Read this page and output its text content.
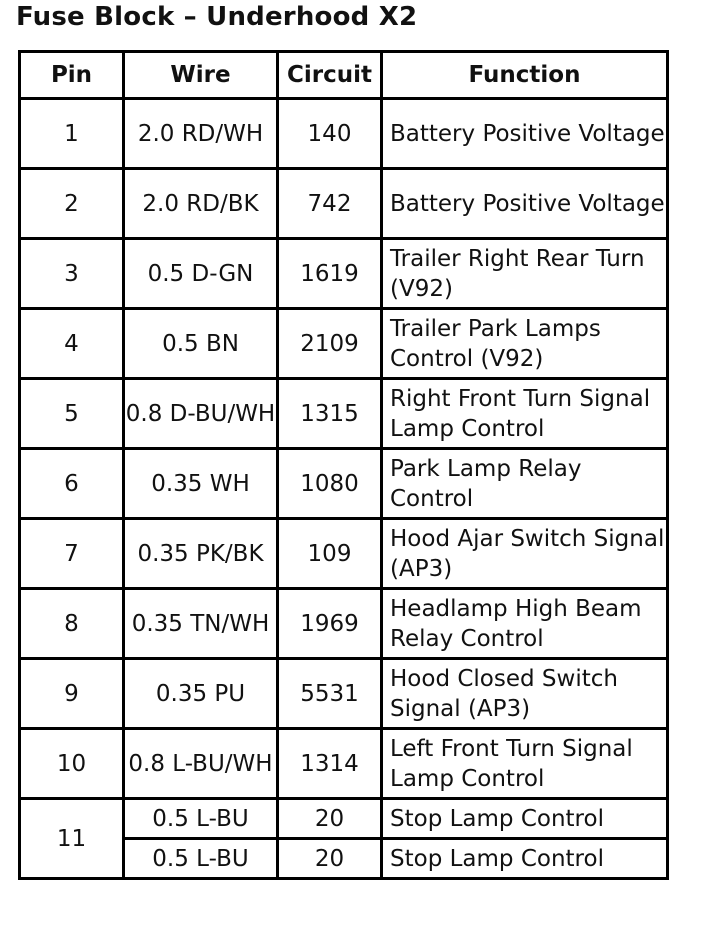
Fuse Block – Underhood X2
Pin	Wire	Circuit	Function
1	2.0 RD/WH	140	Battery Positive Voltage
2	2.0 RD/BK	742	Battery Positive Voltage
3	0.5 D-GN	1619	Trailer Right Rear Turn (V92)
4	0.5 BN	2109	Trailer Park Lamps Control (V92)
5	0.8 D-BU/WH	1315	Right Front Turn Signal Lamp Control
6	0.35 WH	1080	Park Lamp Relay Control
7	0.35 PK/BK	109	Hood Ajar Switch Signal (AP3)
8	0.35 TN/WH	1969	Headlamp High Beam Relay Control
9	0.35 PU	5531	Hood Closed Switch Signal (AP3)
10	0.8 L-BU/WH	1314	Left Front Turn Signal Lamp Control
11	0.5 L-BU	20	Stop Lamp Control
	0.5 L-BU	20	Stop Lamp Control
